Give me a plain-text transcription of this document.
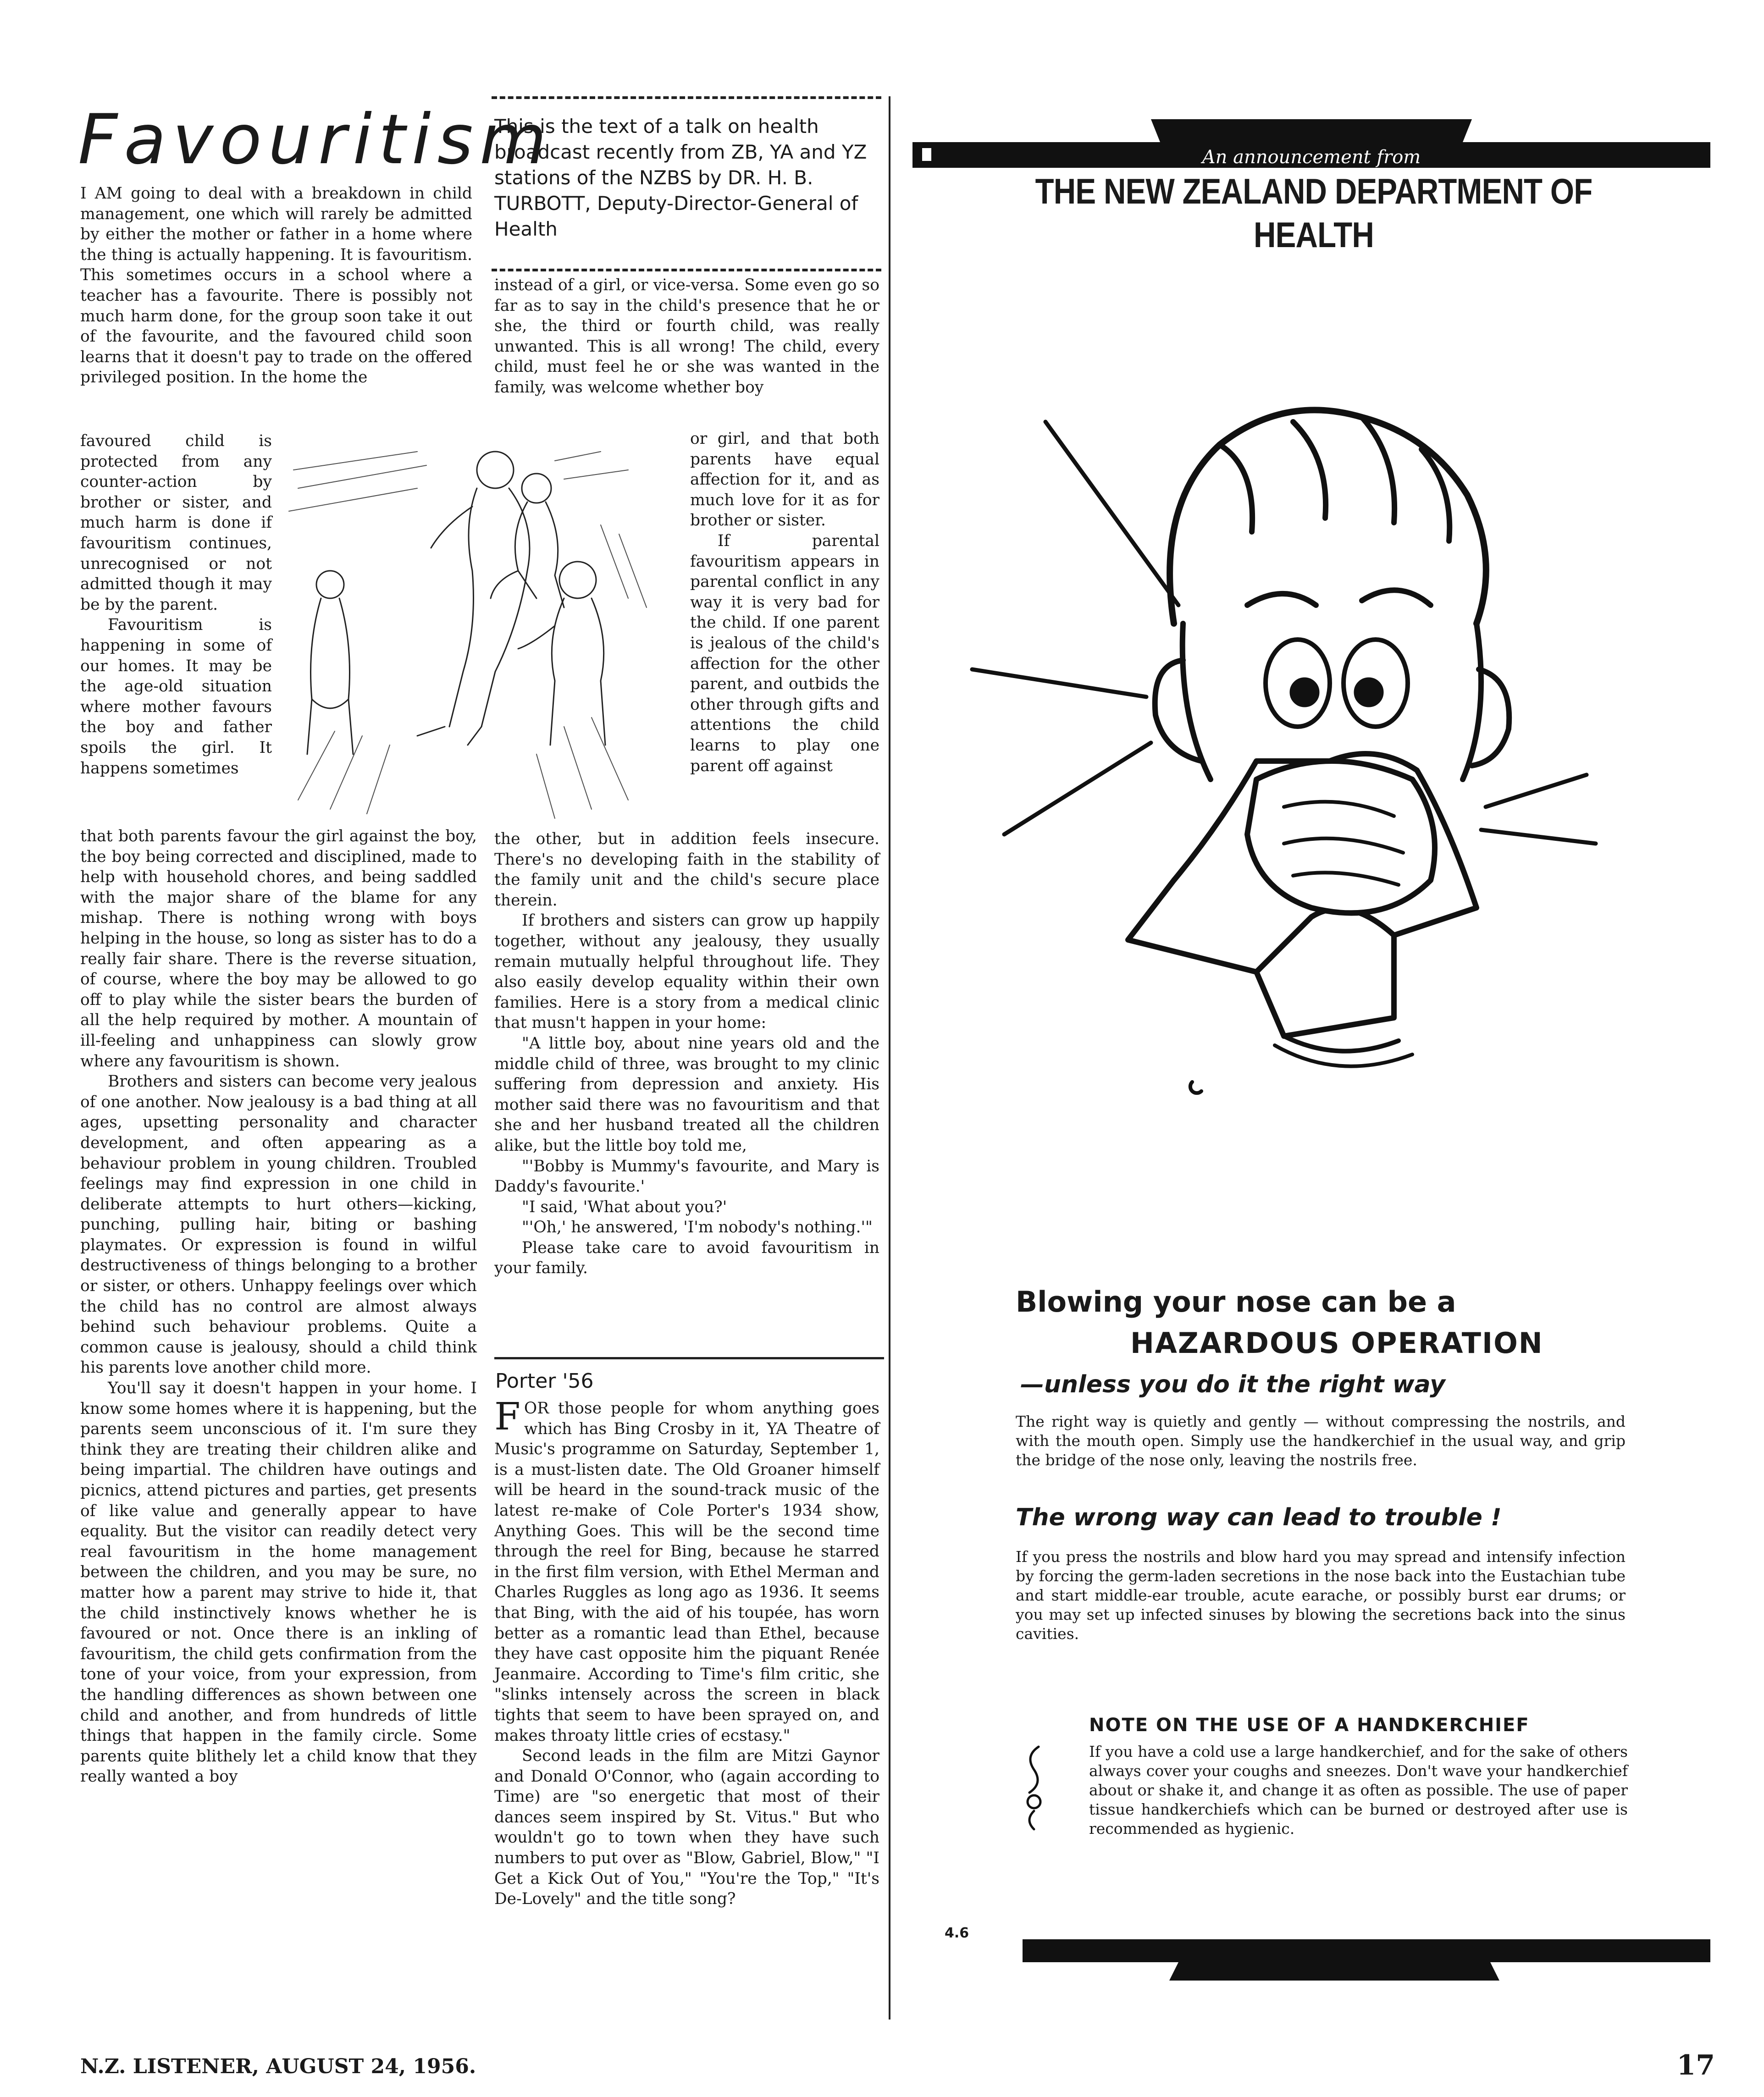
Favouritism
This is the text of a talk on health broadcast recently from ZB, YA and YZ stations of the NZBS by DR. H. B. TURBOTT, Deputy-Director-General of Health

I AM going to deal with a breakdown in child management, one which will rarely be admitted by either the mother or father in a home where the thing is actually happening. It is favouritism. This sometimes occurs in a school where a teacher has a favourite. There is possibly not much harm done, for the group soon take it out of the favourite, and the favoured child soon learns that it doesn't pay to trade on the offered privileged position. In the home the

favoured child is protected from any counter-action by brother or sister, and much harm is done if favouritism continues, unrecognised or not admitted though it may be by the parent.

Favouritism is happening in some of our homes. It may be the age-old situation where mother favours the boy and father spoils the girl. It happens sometimes

that both parents favour the girl against the boy, the boy being corrected and disciplined, made to help with household chores, and being saddled with the major share of the blame for any mishap. There is nothing wrong with boys helping in the house, so long as sister has to do a really fair share. There is the reverse situation, of course, where the boy may be allowed to go off to play while the sister bears the burden of all the help required by mother. A mountain of ill-feeling and unhappiness can slowly grow where any favouritism is shown.

Brothers and sisters can become very jealous of one another. Now jealousy is a bad thing at all ages, upsetting personality and character development, and often appearing as a behaviour problem in young children. Troubled feelings may find expression in one child in deliberate attempts to hurt others—kicking, punching, pulling hair, biting or bashing playmates. Or expression is found in wilful destructiveness of things belonging to a brother or sister, or others. Unhappy feelings over which the child has no control are almost always behind such behaviour problems. Quite a common cause is jealousy, should a child think his parents love another child more.

You'll say it doesn't happen in your home. I know some homes where it is happening, but the parents seem unconscious of it. I'm sure they think they are treating their children alike and being impartial. The children have outings and picnics, attend pictures and parties, get presents of like value and generally appear to have equality. But the visitor can readily detect very real favouritism in the home management between the children, and you may be sure, no matter how a parent may strive to hide it, that the child instinctively knows whether he is favoured or not. Once there is an inkling of favouritism, the child gets confirmation from the tone of your voice, from your expression, from the handling differences as shown between one child and another, and from hundreds of little things that happen in the family circle. Some parents quite blithely let a child know that they really wanted a boy

instead of a girl, or vice-versa. Some even go so far as to say in the child's presence that he or she, the third or fourth child, was really unwanted. This is all wrong! The child, every child, must feel he or she was wanted in the family, was welcome whether boy

or girl, and that both parents have equal affection for it, and as much love for it as for brother or sister.

If parental favouritism appears in parental conflict in any way it is very bad for the child. If one parent is jealous of the child's affection for the other parent, and outbids the other through gifts and attentions the child learns to play one parent off against

the other, but in addition feels insecure. There's no developing faith in the stability of the family unit and the child's secure place therein.

If brothers and sisters can grow up happily together, without any jealousy, they usually remain mutually helpful throughout life. They also easily develop equality within their own families. Here is a story from a medical clinic that musn't happen in your home:

"A little boy, about nine years old and the middle child of three, was brought to my clinic suffering from depression and anxiety. His mother said there was no favouritism and that she and her husband treated all the children alike, but the little boy told me,

"'Bobby is Mummy's favourite, and Mary is Daddy's favourite.'

"I said, 'What about you?'

"'Oh,' he answered, 'I'm nobody's nothing.'"

Please take care to avoid favouritism in your family.

Porter '56

FOR those people for whom anything goes which has Bing Crosby in it, YA Theatre of Music's programme on Saturday, September 1, is a must-listen date. The Old Groaner himself will be heard in the sound-track music of the latest re-make of Cole Porter's 1934 show, Anything Goes. This will be the second time through the reel for Bing, because he starred in the first film version, with Ethel Merman and Charles Ruggles as long ago as 1936. It seems that Bing, with the aid of his toupée, has worn better as a romantic lead than Ethel, because they have cast opposite him the piquant Renée Jeanmaire. According to Time's film critic, she "slinks intensely across the screen in black tights that seem to have been sprayed on, and makes throaty little cries of ecstasy."

Second leads in the film are Mitzi Gaynor and Donald O'Connor, who (again according to Time) are "so energetic that most of their dances seem inspired by St. Vitus." But who wouldn't go to town when they have such numbers to put over as "Blow, Gabriel, Blow," "I Get a Kick Out of You," "You're the Top," "It's De-Lovely" and the title song?

N.Z. LISTENER, AUGUST 24, 1956.	17
An announcement from
THE NEW ZEALAND DEPARTMENT OF HEALTH
Blowing your nose can be a
HAZARDOUS OPERATION
—unless you do it the right way
The right way is quietly and gently — without compressing the nostrils, and with the mouth open. Simply use the handkerchief in the usual way, and grip the bridge of the nose only, leaving the nostrils free.
The wrong way can lead to trouble !
If you press the nostrils and blow hard you may spread and intensify infection by forcing the germ-laden secretions in the nose back into the Eustachian tube and start middle-ear trouble, acute earache, or possibly burst ear drums; or you may set up infected sinuses by blowing the secretions back into the sinus cavities.
NOTE ON THE USE OF A HANDKERCHIEF
If you have a cold use a large handkerchief, and for the sake of others always cover your coughs and sneezes. Don't wave your handkerchief about or shake it, and change it as often as possible. The use of paper tissue handkerchiefs which can be burned or destroyed after use is recommended as hygienic.
4.6
